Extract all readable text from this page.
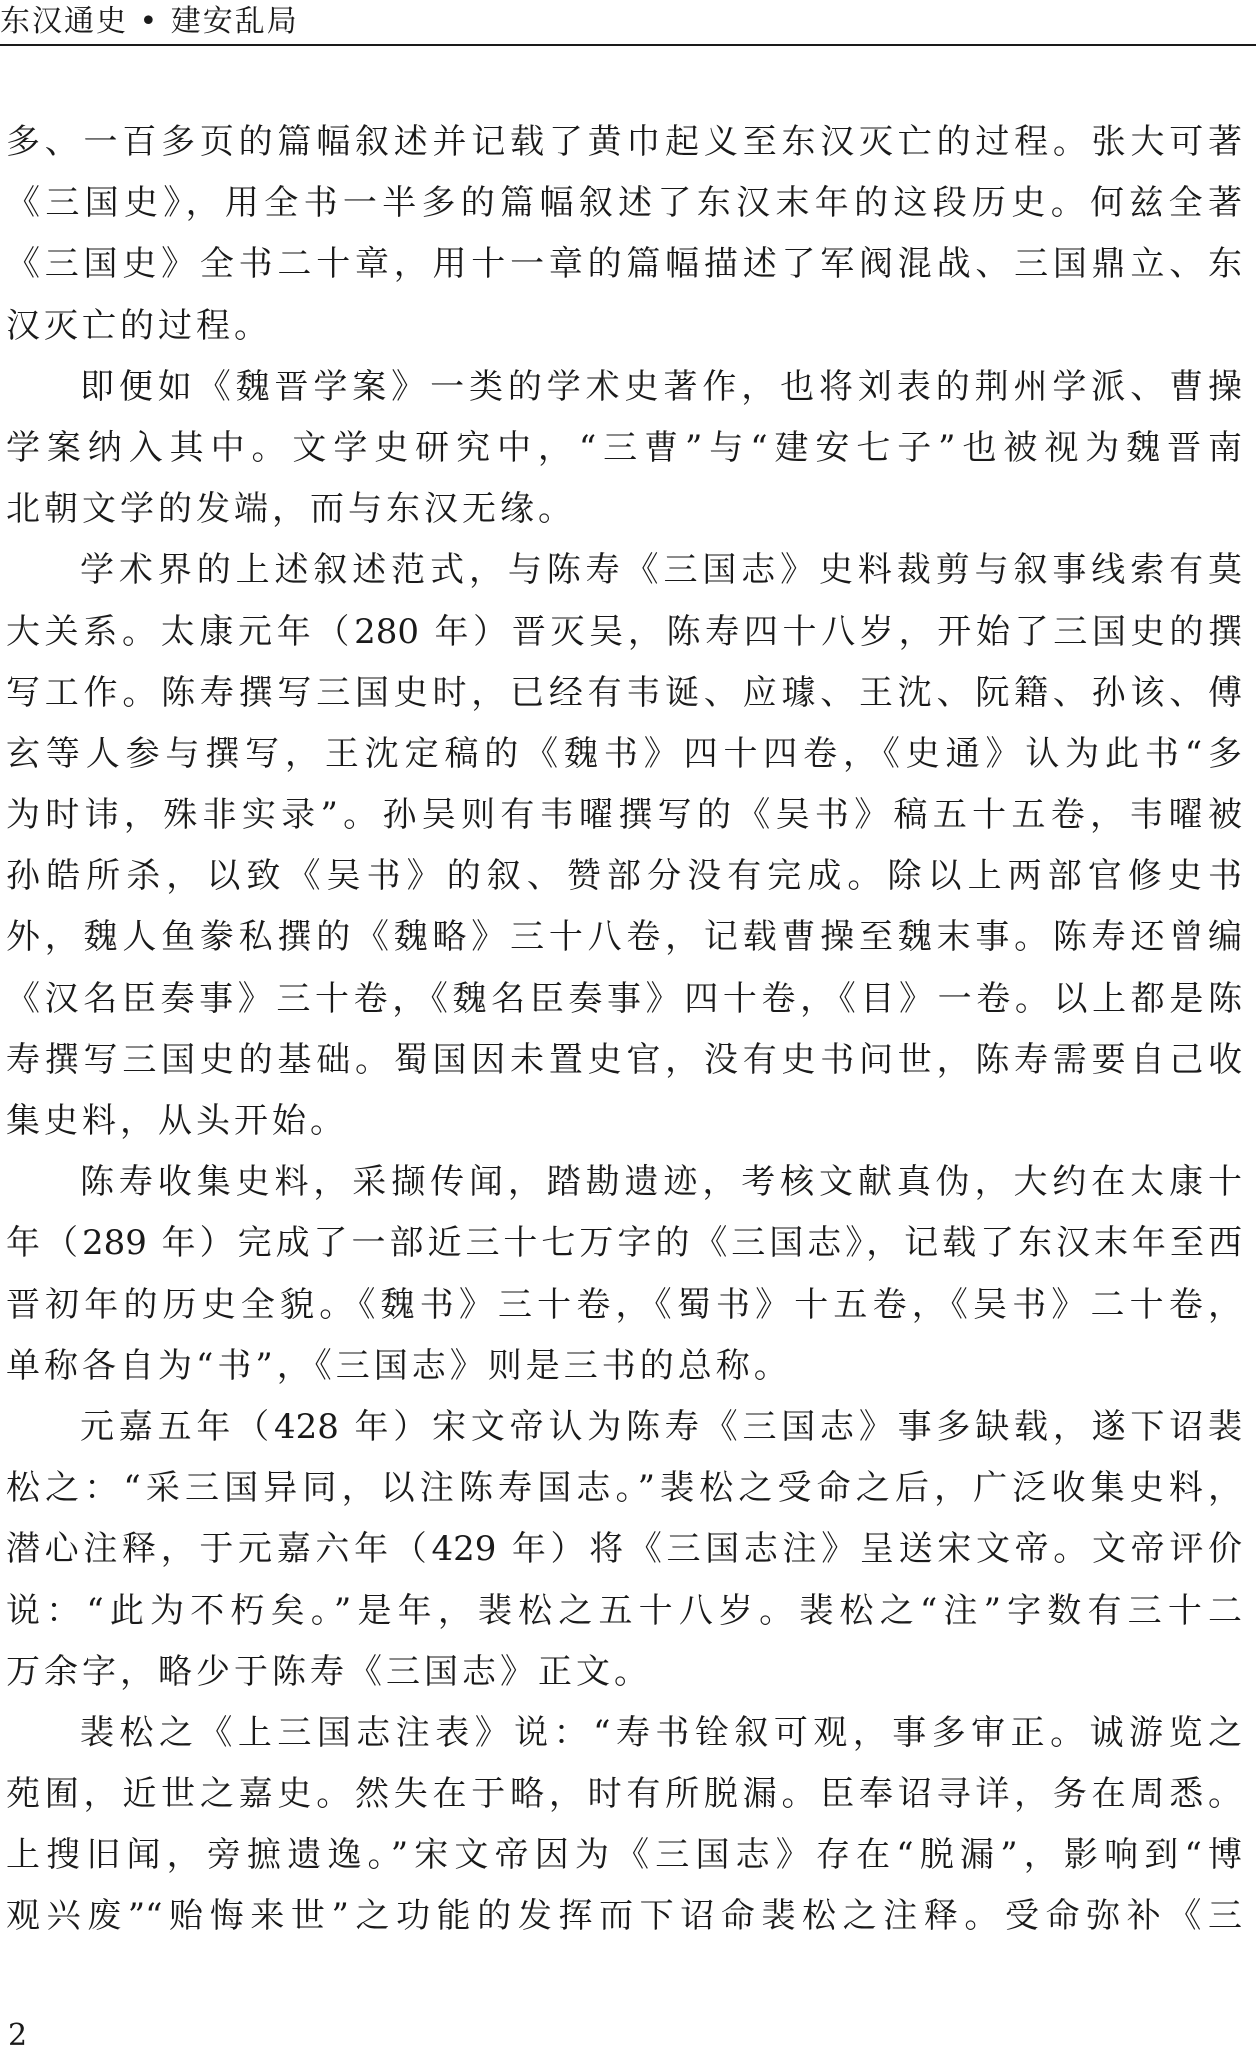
东汉通史 • 建安乱局
多、一百多页的篇幅叙述并记载了黄巾起义至东汉灭亡的过程。张大可著
《三国史》，用全书一半多的篇幅叙述了东汉末年的这段历史。何兹全著
《三国史》全书二十章，用十一章的篇幅描述了军阀混战、三国鼎立、东
汉灭亡的过程。
即便如《魏晋学案》一类的学术史著作，也将刘表的荆州学派、曹操
学案纳入其中。文学史研究中，“三曹”与“建安七子”也被视为魏晋南
北朝文学的发端，而与东汉无缘。
学术界的上述叙述范式，与陈寿《三国志》史料裁剪与叙事线索有莫
大关系。太康元年（280 年）晋灭吴，陈寿四十八岁，开始了三国史的撰
写工作。陈寿撰写三国史时，已经有韦诞、应璩、王沈、阮籍、孙该、傅
玄等人参与撰写，王沈定稿的《魏书》四十四卷，《史通》认为此书“多
为时讳，殊非实录”。孙吴则有韦曜撰写的《吴书》稿五十五卷，韦曜被
孙皓所杀，以致《吴书》的叙、赞部分没有完成。除以上两部官修史书
外，魏人鱼豢私撰的《魏略》三十八卷，记载曹操至魏末事。陈寿还曾编
《汉名臣奏事》三十卷，《魏名臣奏事》四十卷，《目》一卷。以上都是陈
寿撰写三国史的基础。蜀国因未置史官，没有史书问世，陈寿需要自己收
集史料，从头开始。
陈寿收集史料，采撷传闻，踏勘遗迹，考核文献真伪，大约在太康十
年（289 年）完成了一部近三十七万字的《三国志》，记载了东汉末年至西
晋初年的历史全貌。《魏书》三十卷，《蜀书》十五卷，《吴书》二十卷，
单称各自为“书”，《三国志》则是三书的总称。
元嘉五年（428 年）宋文帝认为陈寿《三国志》事多缺载，遂下诏裴
松之：“采三国异同，以注陈寿国志。”裴松之受命之后，广泛收集史料，
潜心注释，于元嘉六年（429 年）将《三国志注》呈送宋文帝。文帝评价
说：“此为不朽矣。”是年，裴松之五十八岁。裴松之“注”字数有三十二
万余字，略少于陈寿《三国志》正文。
裴松之《上三国志注表》说：“寿书铨叙可观，事多审正。诚游览之
苑囿，近世之嘉史。然失在于略，时有所脱漏。臣奉诏寻详，务在周悉。
上搜旧闻，旁摭遗逸。”宋文帝因为《三国志》存在“脱漏”，影响到“博
观兴废”“贻悔来世”之功能的发挥而下诏命裴松之注释。受命弥补《三
2
